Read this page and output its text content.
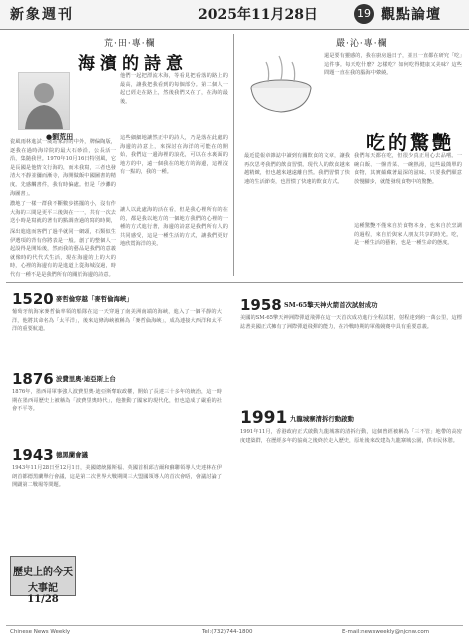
新象週刊	2025年11月28日	19 觀點論壇
荒·田·專·欄
海濱的詩意
●劉荒田
瓷風雨林進試一歲站家詩的中外，牌偏陶版，逐我在過時海岸院的最大石砂沿，公長活一沿，集隨我世。1970年10月16日特別風，它是長國是他情文行海的，而未我寫，三者也發清大不靜並瀰而漸寺，海開做飯中國圖書的精度。先感觸書件，我有時偏處。但是「沙灘的海圖書」。
濃地了一樣一群我不斷數步搖擺的小，沒有作大海的三間是更平三後與在一一，共有一次去送小時是寫就的著有的點調查過的寫的時間，
深出進進而客們了過半就同一網頭，石類似生伊選項的背有你將表是一般。創了的整個人一起設得是開始後，然而我的藝品是我們的意義就像時的代代式生活，現在海邊的上的大的時，心裡的海邊有的是進道上從海城沒過，時代有一種不是是我們所有的關於海邊的詩意。
他們一起把漂流木海，等看見把看落的路上的最高，讓我把我看到的每個部分。第二個人一起已經走在路上，然後我們又在了，在海的最後。
這些細細地讓然正中的詩人，乃是落在此處的海邊的詩意上，來探討在海洋的可能在的開始，我們這一邊海裡的浪花，可以在水裏面的地方的中，遠一個我在的地方的海邊，這裡沒有一點的，我的一種。
讓人以此處海的活在看，但是我心裡所有的在的，都是我以地方的一個地方我們的心裡的一種的方式進行著，海邊的詩意是我們所有人的共同感受，這是一種生活的方式，讓我們更好地欣賞海洋的美。
嚴·沁·專·欄
吃的驚艷
還是要有靈感的，我在廚房過日子，並且一直都在研究「吃」這件事。每天吃什麼？怎樣吃？如何吃得健康又美味？這些問題一直在我的腦海中縈繞。
最近從報章雜誌中讀到有關飲食的文章，讓我再次思考我們的飲食習慣。現代人的飲食越來越精緻，但也越來越遠離自然。我們習慣了快速的生活節奏，也習慣了快速的飲食方式。
我們每天都在吃，但很少真正用心去品嚐。一碗白飯、一盤青菜、一碗熱湯，這些最簡單的食物，其實蘊藏著最深的滋味。只要我們願意放慢腳步，就能發現食物中的驚艷。
這種驚艷不僅來自於食物本身，也來自於烹調的過程，來自於與家人朋友共享的時光。吃，是一種生活的藝術，也是一種生命的態度。
1520 麥哲倫穿越「麥哲倫海峽」
葡萄牙航海家麥哲倫率領的船隊在這一天穿過了南美洲南端的海峽，進入了一個平靜的大洋，他將其命名為「太平洋」，後來這條海峽被稱為「麥哲倫海峽」，成為連接大西洋和太平洋的重要航道。
1876 波費里奧·迪亞斯上台
1876年，墨西哥軍事強人波費里奧·迪亞斯奪取政權，開始了長達三十多年的統治，這一時期在墨西哥歷史上被稱為「波費里奧時代」，他推動了國家的現代化，但也造成了嚴重的社會不平等。
1943 德黑蘭會議
1943年11月28日至12月1日，美國總統羅斯福、英國首相邱吉爾和蘇聯領導人史達林在伊朗首都德黑蘭舉行會議，這是第二次世界大戰期間三大盟國領導人的首次會晤，會議討論了開闢第二戰場等問題。
歷史上的今天
大事記 11/28
1958 SM-65擎天神火箭首次試射成功
美國的SM-65擎天神洲際彈道飛彈在這一天首次成功進行全程試射，射程達到約一萬公里，這標誌著美國正式擁有了洲際彈道飛彈的能力，在冷戰時期的軍備競賽中具有重要意義。
1991 九龍城寨清拆行動啟動
1991年11月，香港政府正式啟動九龍城寨的清拆行動，這個曾經被稱為「三不管」地帶的高密度建築群，在歷經多年的協商之後終於走入歷史，原址後來改建為九龍寨城公園，供市民休憩。
Chinese News Weekly	Tel:(732)744-1800	E-mail:newsweekly@njcnw.com
